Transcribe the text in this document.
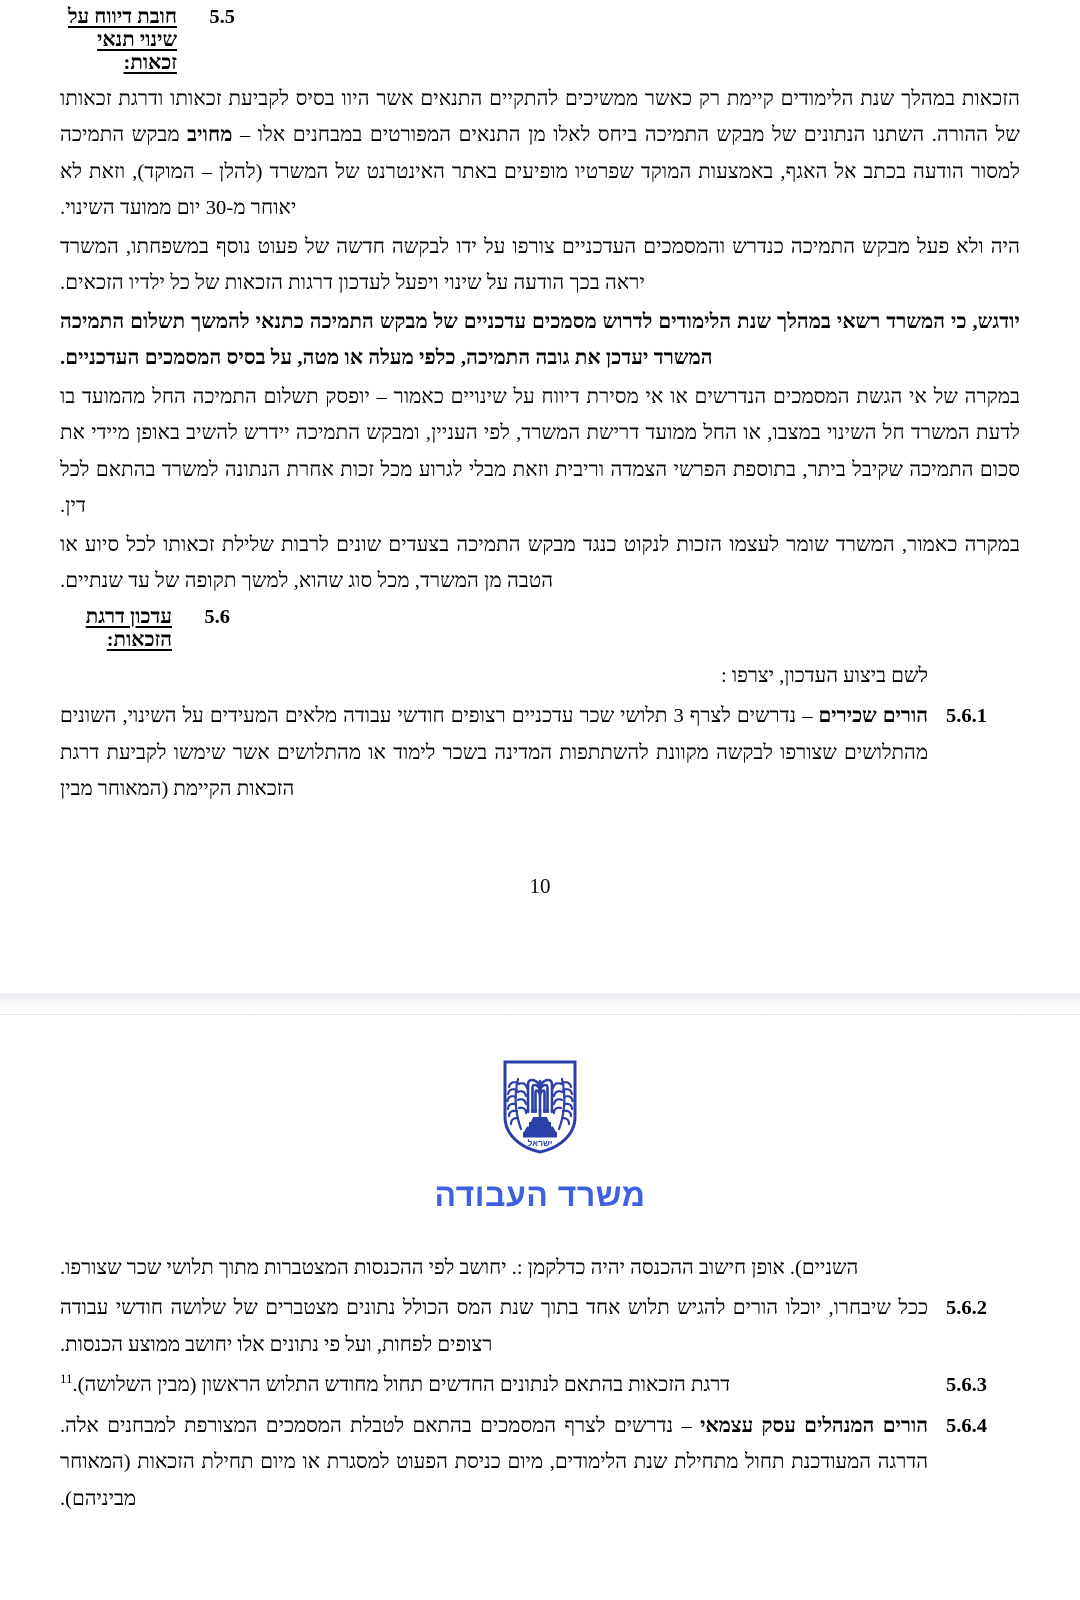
5.5
חובת דיווח על שינוי תנאי זכאות:

הזכאות במהלך שנת הלימודים קיימת רק כאשר ממשיכים להתקיים התנאים אשר היוו בסיס לקביעת זכאותו ודרגת זכאותו של ההורה. השתנו הנתונים של מבקש התמיכה ביחס לאלו מן התנאים המפורטים במבחנים אלו – מחויב מבקש התמיכה למסור הודעה בכתב אל האגף, באמצעות המוקד שפרטיו מופיעים באתר האינטרנט של המשרד (להלן – המוקד), וזאת לא יאוחר מ-30 יום ממועד השינוי.

היה ולא פעל מבקש התמיכה כנדרש והמסמכים העדכניים צורפו על ידו לבקשה חדשה של פעוט נוסף במשפחתו, המשרד יראה בכך הודעה על שינוי ויפעל לעדכון דרגות הזכאות של כל ילדיו הזכאים.

יודגש, כי המשרד רשאי במהלך שנת הלימודים לדרוש מסמכים עדכניים של מבקש התמיכה כתנאי להמשך תשלום התמיכה המשרד יעדכן את גובה התמיכה, כלפי מעלה או מטה, על בסיס המסמכים העדכניים.

במקרה של אי הגשת המסמכים הנדרשים או אי מסירת דיווח על שינויים כאמור – יופסק תשלום התמיכה החל מהמועד בו לדעת המשרד חל השינוי במצבו, או החל ממועד דרישת המשרד, לפי העניין, ומבקש התמיכה יידרש להשיב באופן מיידי את סכום התמיכה שקיבל ביתר, בתוספת הפרשי הצמדה וריבית וזאת מבלי לגרוע מכל זכות אחרת הנתונה למשרד בהתאם לכל דין.

במקרה כאמור, המשרד שומר לעצמו הזכות לנקוט כנגד מבקש התמיכה בצעדים שונים לרבות שלילת זכאותו לכל סיוע או הטבה מן המשרד, מכל סוג שהוא, למשך תקופה של עד שנתיים.

5.6
עדכון דרגת הזכאות:
לשם ביצוע העדכון, יצרפו :
5.6.1
הורים שכירים – נדרשים לצרף 3 תלושי שכר עדכניים רצופים חודשי עבודה מלאים המעידים על השינוי, השונים מהתלושים שצורפו לבקשה מקוונת להשתתפות המדינה בשכר לימוד או מהתלושים אשר שימשו לקביעת דרגת הזכאות הקיימת (המאוחר מבין
10
ישראל
משרד העבודה
השניים). אופן חישוב ההכנסה יהיה כדלקמן :. יחושב לפי ההכנסות המצטברות מתוך תלושי שכר שצורפו.
5.6.2
ככל שיבחרו, יוכלו הורים להגיש תלוש אחד בתוך שנת המס הכולל נתונים מצטברים של שלושה חודשי עבודה רצופים לפחות, ועל פי נתונים אלו יחושב ממוצע הכנסות.
5.6.3
דרגת הזכאות בהתאם לנתונים החדשים תחול מחודש התלוש הראשון (מבין השלושה).$^{11}$
5.6.4
הורים המנהלים עסק עצמאי – נדרשים לצרף המסמכים בהתאם לטבלת המסמכים המצורפת למבחנים אלה. הדרגה המעודכנת תחול מתחילת שנת הלימודים, מיום כניסת הפעוט למסגרת או מיום תחילת הזכאות (המאוחר מביניהם).
